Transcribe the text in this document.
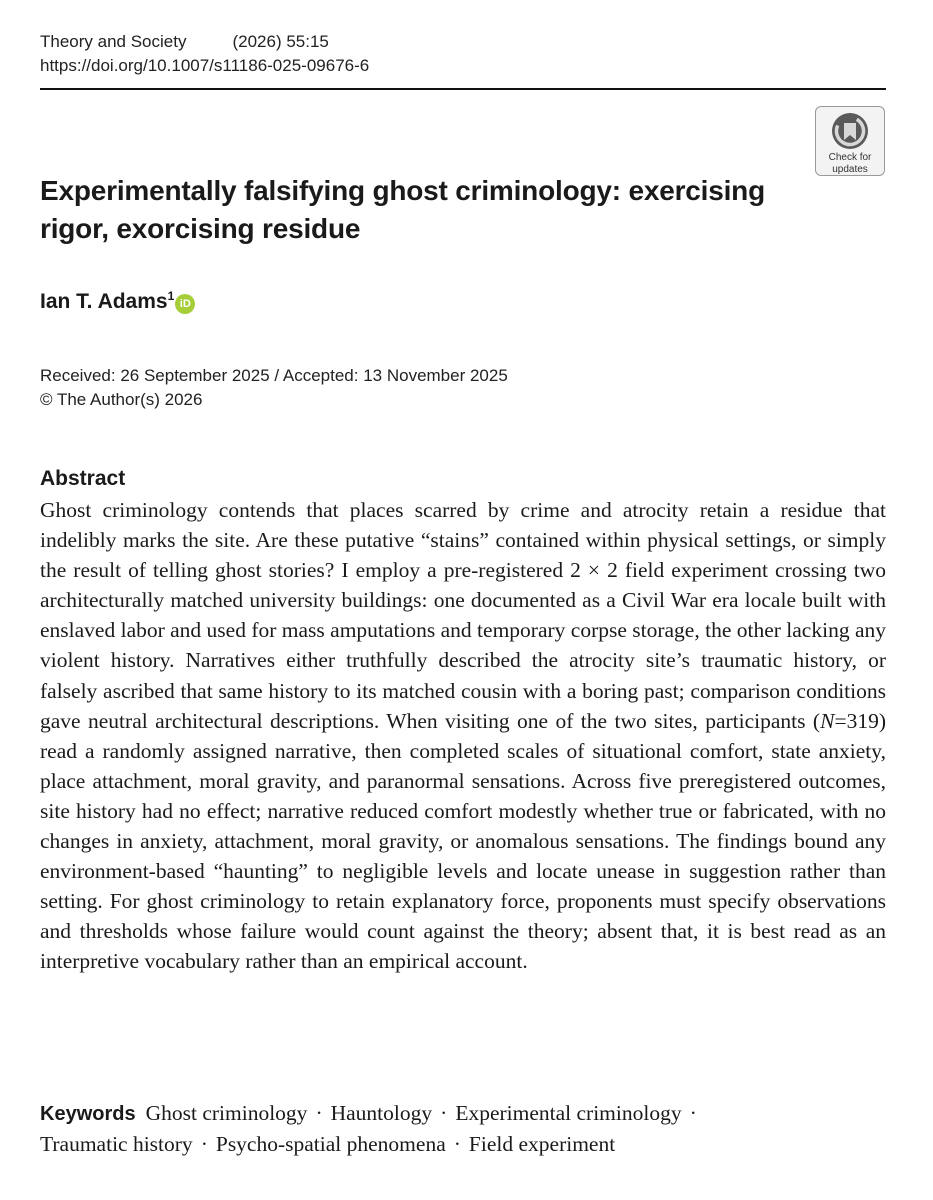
Theory and Society	(2026) 55:15
https://doi.org/10.1007/s11186-025-09676-6
Check for
updates
Experimentally falsifying ghost criminology: exercising
rigor, exorcising residue
Ian T. Adams$^1$iD
Received: 26 September 2025 / Accepted: 13 November 2025
© The Author(s) 2026
Abstract

Ghost criminology contends that places scarred by crime and atrocity retain a residue that indelibly marks the site. Are these putative “stains” contained within physical settings, or simply the result of telling ghost stories? I employ a pre-registered 2 × 2 field experiment crossing two architecturally matched university buildings: one documented as a Civil War era locale built with enslaved labor and used for mass amputations and temporary corpse storage, the other lacking any violent history. Narratives either truthfully described the atrocity site’s traumatic history, or falsely ascribed that same history to its matched cousin with a boring past; comparison conditions gave neutral architectural descriptions. When visiting one of the two sites, participants (N=319) read a randomly assigned narrative, then completed scales of situational comfort, state anxiety, place attachment, moral gravity, and paranormal sensations. Across five preregistered outcomes, site history had no effect; narrative reduced comfort modestly whether true or fabricated, with no changes in anxiety, attachment, moral gravity, or anomalous sensations. The findings bound any environment-based “haunting” to negligible levels and locate unease in suggestion rather than setting. For ghost criminology to retain explanatory force, proponents must specify observations and thresholds whose failure would count against the theory; absent that, it is best read as an interpretive vocabulary rather than an empirical account.

Keywords Ghost criminology · Hauntology · Experimental criminology ·
Traumatic history · Psycho-spatial phenomena · Field experiment
